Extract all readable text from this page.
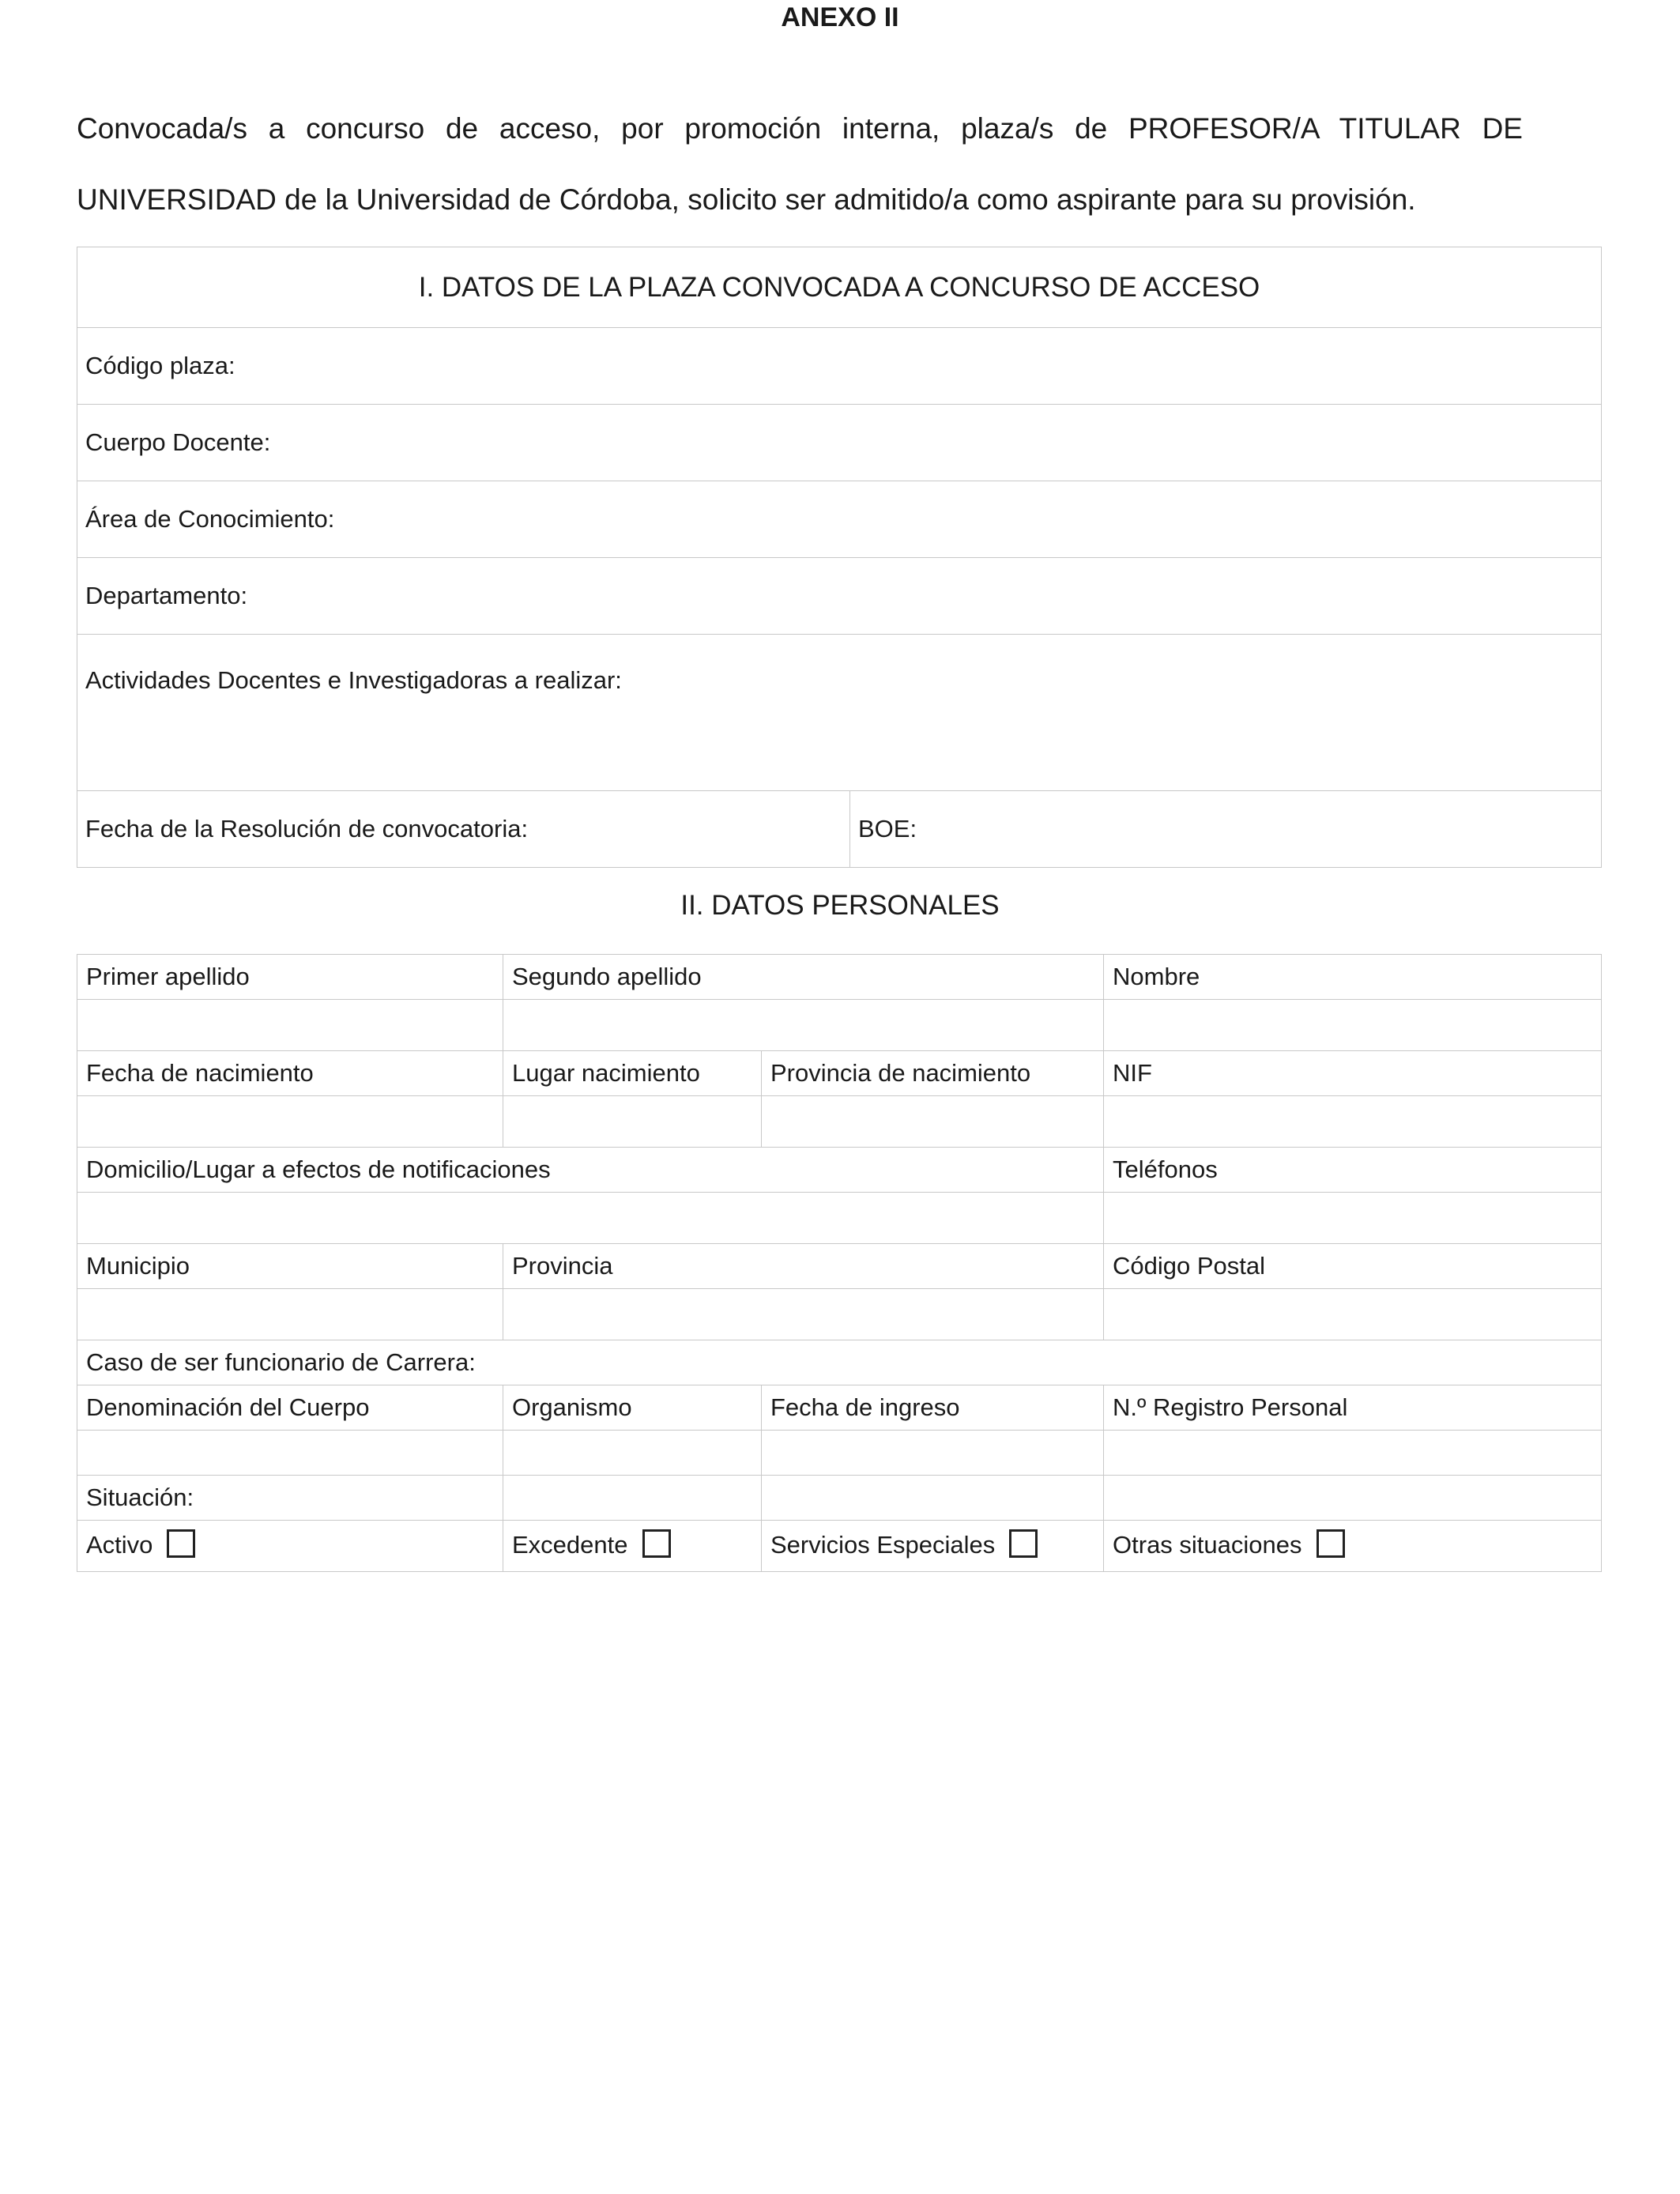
ANEXO II
Convocada/s a concurso de acceso, por promoción interna, plaza/s de PROFESOR/A TITULAR DE
UNIVERSIDAD de la Universidad de Córdoba, solicito ser admitido/a como aspirante para su provisión.
I. DATOS DE LA PLAZA CONVOCADA A CONCURSO DE ACCESO
Código plaza:
Cuerpo Docente:
Área de Conocimiento:
Departamento:
Actividades Docentes e Investigadoras a realizar:
Fecha de la Resolución de convocatoria:	BOE:
II. DATOS PERSONALES
Primer apellido	Segundo apellido		Nombre

Fecha de nacimiento	Lugar nacimiento	Provincia de nacimiento	NIF

Domicilio/Lugar a efectos de notificaciones			Teléfonos

Municipio	Provincia		Código Postal

Caso de ser funcionario de Carrera:			
Denominación del Cuerpo	Organismo	Fecha de ingreso	N.º Registro Personal

Situación:			
Activo	Excedente	Servicios Especiales	Otras situaciones
